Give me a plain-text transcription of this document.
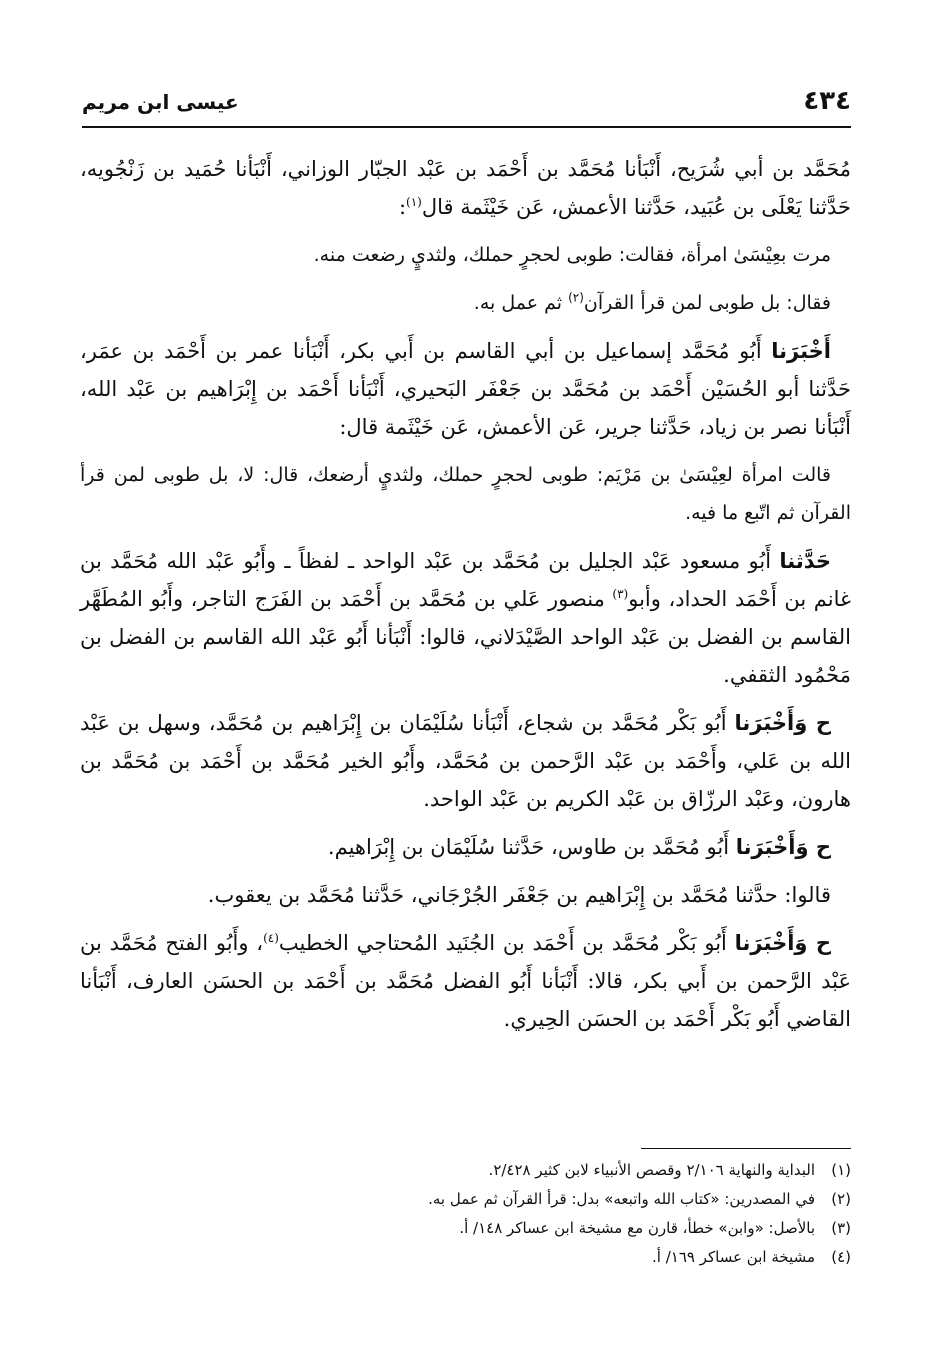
عيسى ابن مريم	٤٣٤

مُحَمَّد بن أبي شُرَيح، أَنْبَأنا مُحَمَّد بن أَحْمَد بن عَبْد الجبّار الوزاني، أَنْبَأنا حُمَيد بن زَنْجُويه، حَدَّثنا يَعْلَى بن عُبَيد، حَدَّثنا الأعمش، عَن خَيْثَمة قال$^{(١)}$:

مرت بعِيْسَىٰ امرأة، فقالت: طوبى لحجرٍ حملك، ولثديٍ رضعت منه.

فقال: بل طوبى لمن قرأ القرآن$^{(٢)}$ ثم عمل به.

أَخْبَرَنا أَبُو مُحَمَّد إسماعيل بن أبي القاسم بن أَبي بكر، أَنْبَأنا عمر بن أَحْمَد بن عمَر، حَدَّثنا أبو الحُسَيْن أَحْمَد بن مُحَمَّد بن جَعْفَر البَحيري، أَنْبَأنا أَحْمَد بن إِبْرَاهيم بن عَبْد الله، أَنْبَأنا نصر بن زياد، حَدَّثنا جرير، عَن الأعمش، عَن خَيْثَمة قال:

قالت امرأة لعِيْسَىٰ بن مَرْيَم: طوبى لحجرٍ حملك، ولثديٍ أرضعك، قال: لا، بل طوبى لمن قرأ القرآن ثم اتّبع ما فيه.

حَدَّثنا أَبُو مسعود عَبْد الجليل بن مُحَمَّد بن عَبْد الواحد ـ لفظاً ـ وأَبُو عَبْد الله مُحَمَّد بن غانم بن أَحْمَد الحداد، وأبو$^{(٣)}$ منصور عَلي بن مُحَمَّد بن أَحْمَد بن الفَرَج التاجر، وأَبُو المُطَهَّر القاسم بن الفضل بن عَبْد الواحد الصَّيْدَلاني، قالوا: أَنْبَأنا أَبُو عَبْد الله القاسم بن الفضل بن مَحْمُود الثقفي.

ح وَأَخْبَرَنا أَبُو بَكْر مُحَمَّد بن شجاع، أَنْبَأنا سُلَيْمَان بن إِبْرَاهيم بن مُحَمَّد، وسهل بن عَبْد الله بن عَلي، وأَحْمَد بن عَبْد الرَّحمن بن مُحَمَّد، وأَبُو الخير مُحَمَّد بن أَحْمَد بن مُحَمَّد بن هارون، وعَبْد الرزّاق بن عَبْد الكريم بن عَبْد الواحد.

ح وَأَخْبَرَنا أَبُو مُحَمَّد بن طاوس، حَدَّثنا سُلَيْمَان بن إِبْرَاهيم.

قالوا: حدَّثنا مُحَمَّد بن إِبْرَاهيم بن جَعْفَر الجُرْجَاني، حَدَّثنا مُحَمَّد بن يعقوب.

ح وَأَخْبَرَنا أَبُو بَكْر مُحَمَّد بن أَحْمَد بن الجُنَيد المُحتاجي الخطيب$^{(٤)}$، وأَبُو الفتح مُحَمَّد بن عَبْد الرَّحمن بن أَبي بكر، قالا: أَنْبَأنا أَبُو الفضل مُحَمَّد بن أَحْمَد بن الحسَن العارف، أَنْبَأنا القاضي أَبُو بَكْر أَحْمَد بن الحسَن الحِيري.

(١)البداية والنهاية ٢/١٠٦ وقصص الأنبياء لابن كثير ٢/٤٢٨.
(٢)في المصدرين: «كتاب الله واتبعه» بدل: قرأ القرآن ثم عمل به.
(٣)بالأصل: «وابن» خطأ، قارن مع مشيخة ابن عساكر ١٤٨/ أ.
(٤)مشيخة ابن عساكر ١٦٩/ أ.
